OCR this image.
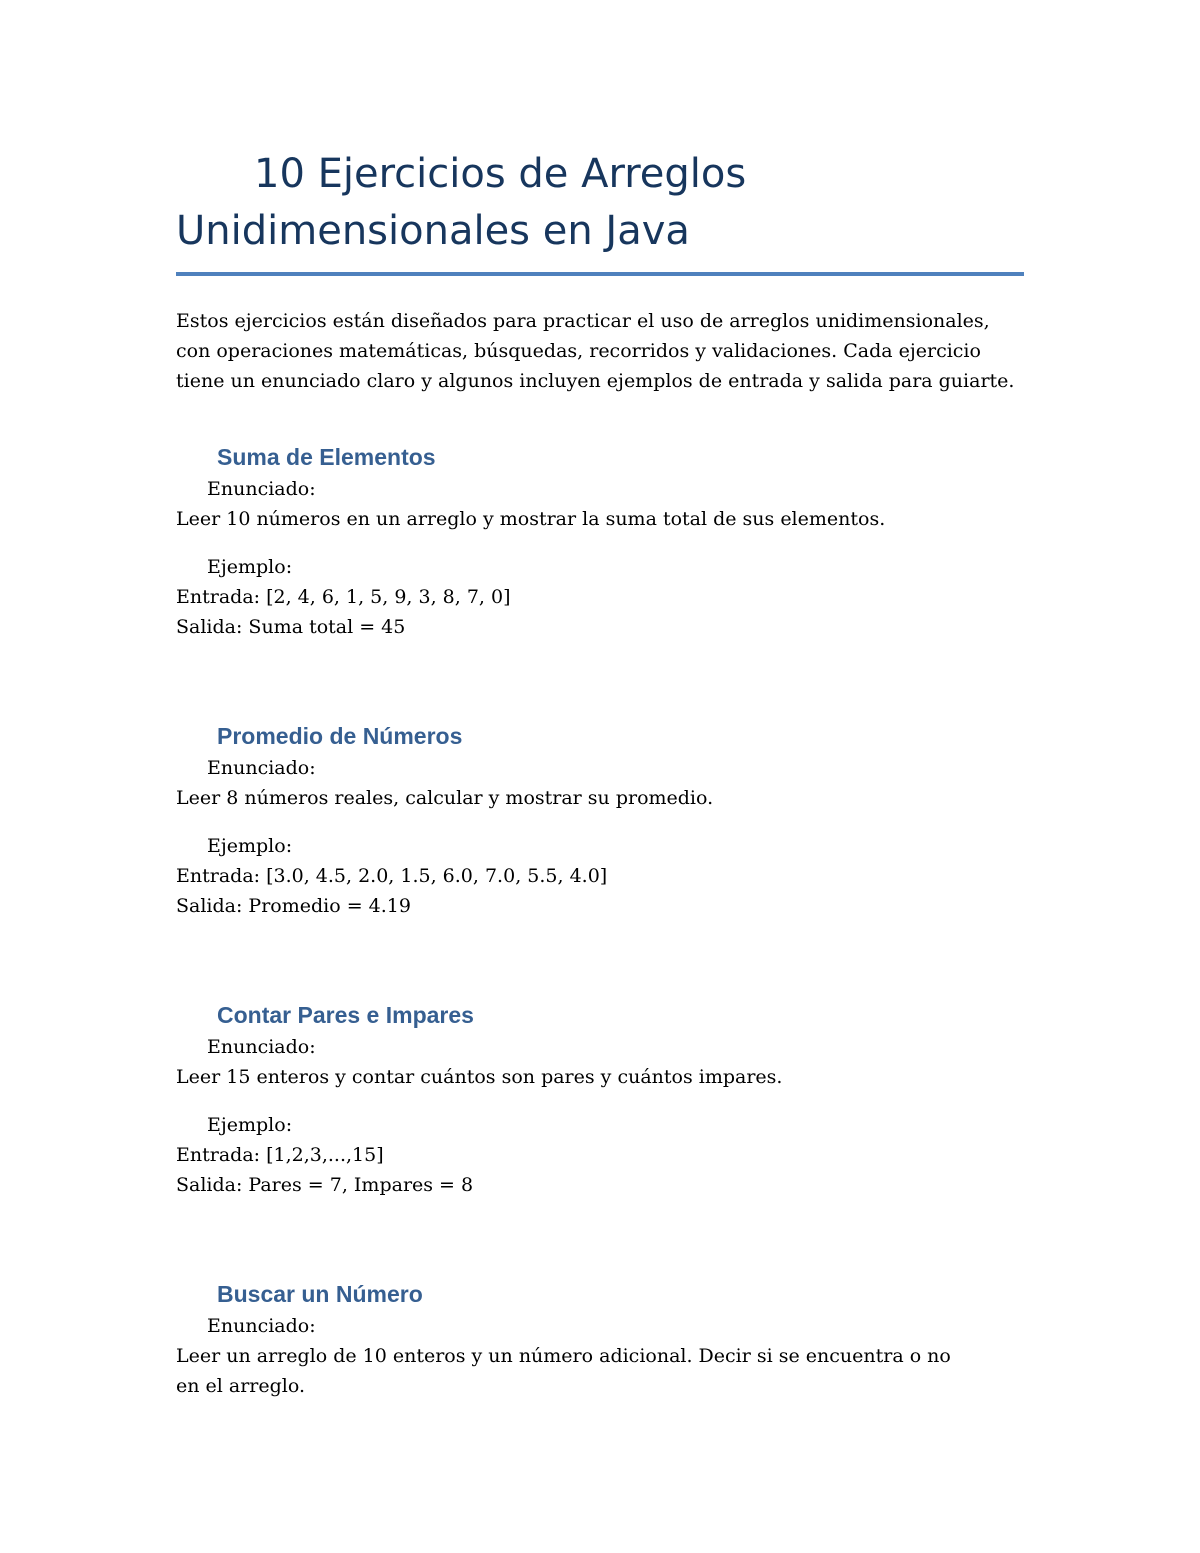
10 Ejercicios de Arreglos
Unidimensionales en Java

Estos ejercicios están diseñados para practicar el uso de arreglos unidimensionales, con operaciones matemáticas, búsquedas, recorridos y validaciones. Cada ejercicio tiene un enunciado claro y algunos incluyen ejemplos de entrada y salida para guiarte.

Suma de Elementos

Enunciado:

Leer 10 números en un arreglo y mostrar la suma total de sus elementos.

Ejemplo:

Entrada: [2, 4, 6, 1, 5, 9, 3, 8, 7, 0]

Salida: Suma total = 45

Promedio de Números

Enunciado:

Leer 8 números reales, calcular y mostrar su promedio.

Ejemplo:

Entrada: [3.0, 4.5, 2.0, 1.5, 6.0, 7.0, 5.5, 4.0]

Salida: Promedio = 4.19

Contar Pares e Impares

Enunciado:

Leer 15 enteros y contar cuántos son pares y cuántos impares.

Ejemplo:

Entrada: [1,2,3,...,15]

Salida: Pares = 7, Impares = 8

Buscar un Número

Enunciado:

Leer un arreglo de 10 enteros y un número adicional. Decir si se encuentra o no en el arreglo.
